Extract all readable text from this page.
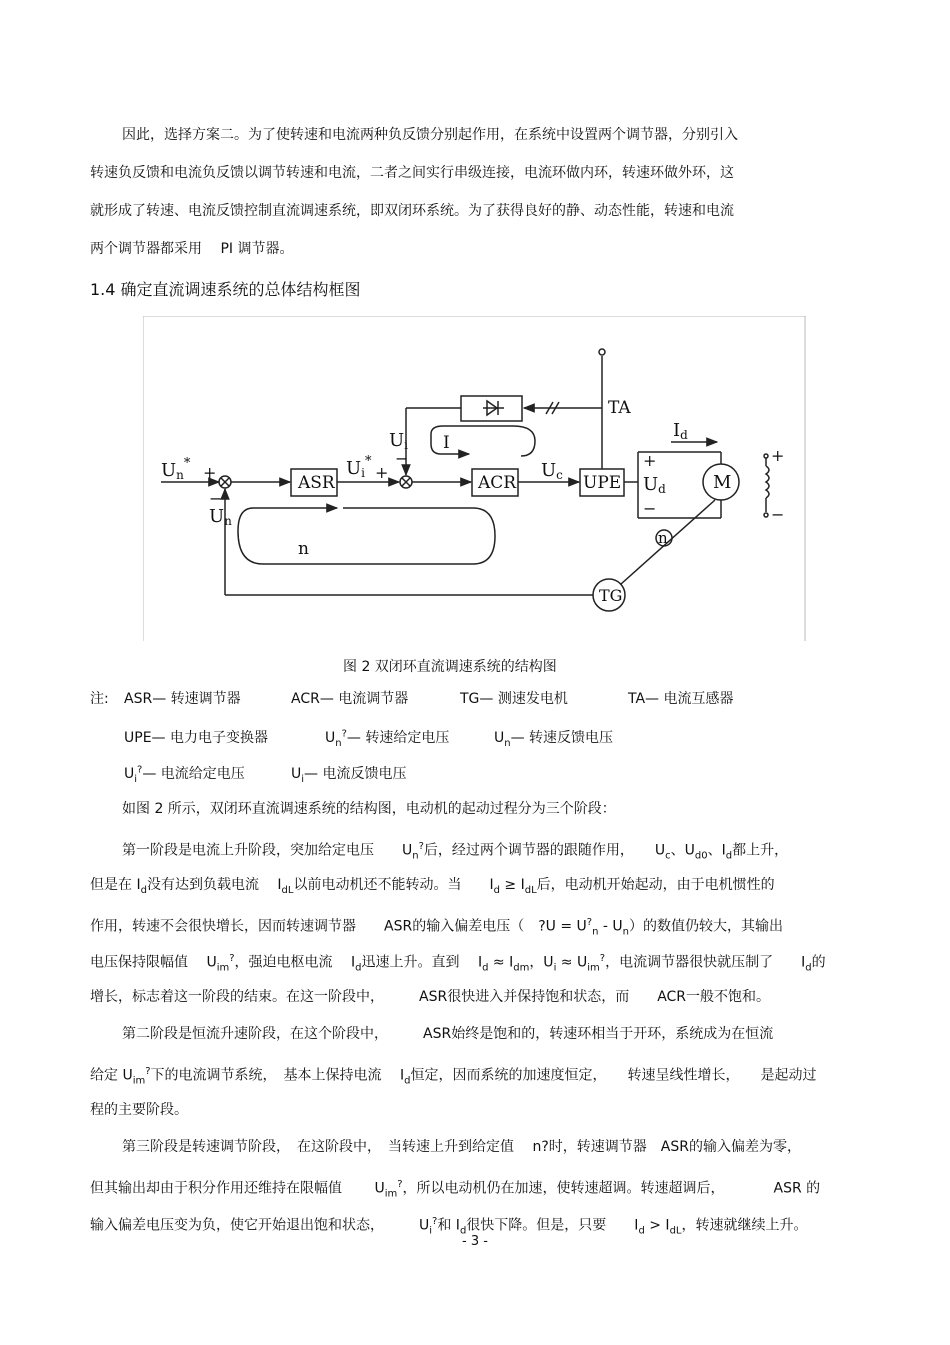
因此，选择方案二。为了使转速和电流两种负反馈分别起作用，在系统中设置两个调节器，分别引入
转速负反馈和电流负反馈以调节转速和电流，二者之间实行串级连接，电流环做内环，转速环做外环，这
就形成了转速、电流反馈控制直流调速系统，即双闭环系统。为了获得良好的静、动态性能，转速和电流
两个调节器都采用　 PI 调节器。
1.4 确定直流调速系统的总体结构框图
Un* +
−
Un
ASR
Ui*
+
Ui
−
I
ACR
Uc UPE
TA
Id
+
Ud
−
M
+
−
n
n
TG
图 2 双闭环直流调速系统的结构图
注: ASR— 转速调节器	ACR— 电流调节器	TG— 测速发电机	TA— 电流互感器
UPE— 电力电子变换器	$U_n^?—$ 转速给定电压	$U_n—$ 转速反馈电压
$U_i^?—$ 电流给定电压	$U_i—$ 电流反馈电压
如图 2 所示，双闭环直流调速系统的结构图，电动机的起动过程分为三个阶段：
第一阶段是电流上升阶段，突加给定电压　　$U_n^?$后，经过两个调节器的跟随作用，　　$U_c$、$U_{d0}$、$I_d$都上升，
但是在 $I_d$没有达到负载电流　 $I_{dL}$以前电动机还不能转动。当　　$I_d \ge I_{dL}$后，电动机开始起动，由于电机惯性的
作用，转速不会很快增长，因而转速调节器　　ASR的输入偏差电压（　?U = $U^?_n - U_n$）的数值仍较大，其输出
电压保持限幅值　 $U_{im}^?$，强迫电枢电流　 $I_d$迅速上升。直到　 $I_d \approx I_{dm}$，$U_i \approx U_{im}^?$，电流调节器很快就压制了　　$I_d$的
增长，标志着这一阶段的结束。在这一阶段中，　　　ASR很快进入并保持饱和状态，而　　ACR一般不饱和。
第二阶段是恒流升速阶段，在这个阶段中，　　　ASR始终是饱和的，转速环相当于开环，系统成为在恒流
给定 $U_{im}^?$下的电流调节系统，　基本上保持电流　 $I_d$恒定，因而系统的加速度恒定，　　转速呈线性增长，　　是起动过
程的主要阶段。
第三阶段是转速调节阶段，　在这阶段中，　当转速上升到给定值　 n?时，转速调节器　ASR的输入偏差为零，
但其输出却由于积分作用还维持在限幅值　　 $U_{im}^?$，所以电动机仍在加速，使转速超调。转速超调后，　　　　ASR 的
输入偏差电压变为负，使它开始退出饱和状态，　　　$U_i^?$和 $I_d$很快下降。但是，只要　　$I_d > I_{dL}$，转速就继续上升。
- 3 -
